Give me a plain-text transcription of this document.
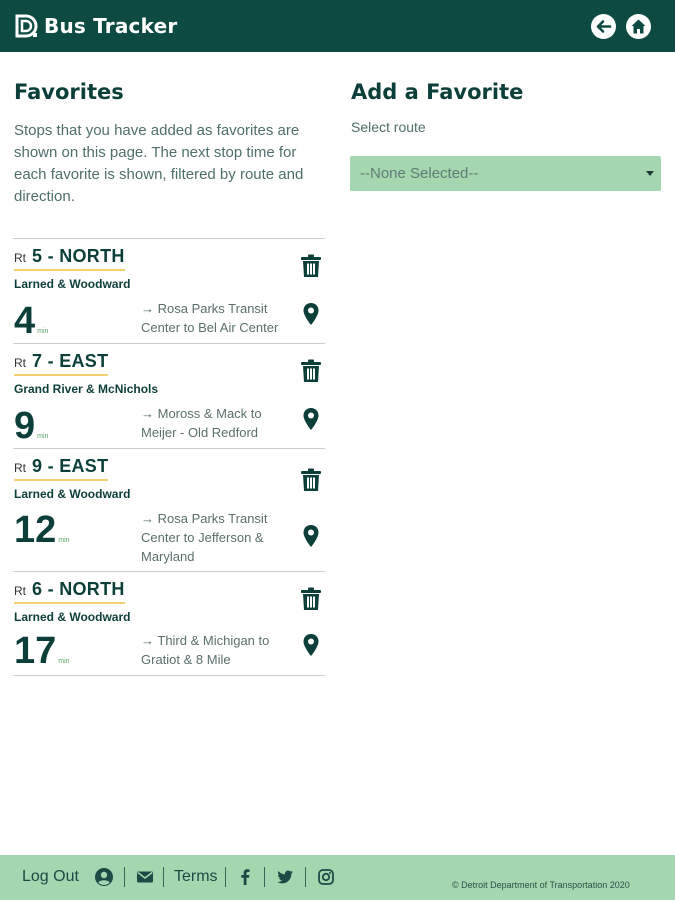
Bus Tracker
Favorites

Stops that you have added as favorites are shown on this page. The next stop time for each favorite is shown, filtered by route and direction.

Rt 5 - NORTH
Larned & Woodward
4 min
→ Rosa Parks Transit Center to Bel Air Center
Rt 7 - EAST
Grand River & McNichols
9 min
→ Moross & Mack to Meijer - Old Redford
Rt 9 - EAST
Larned & Woodward
12 min
→ Rosa Parks Transit Center to Jefferson & Maryland
Rt 6 - NORTH
Larned & Woodward
17 min
→ Third & Michigan to Gratiot & 8 Mile
Add a Favorite
Select route
--None Selected--
Log Out	Terms	© Detroit Department of Transportation 2020
